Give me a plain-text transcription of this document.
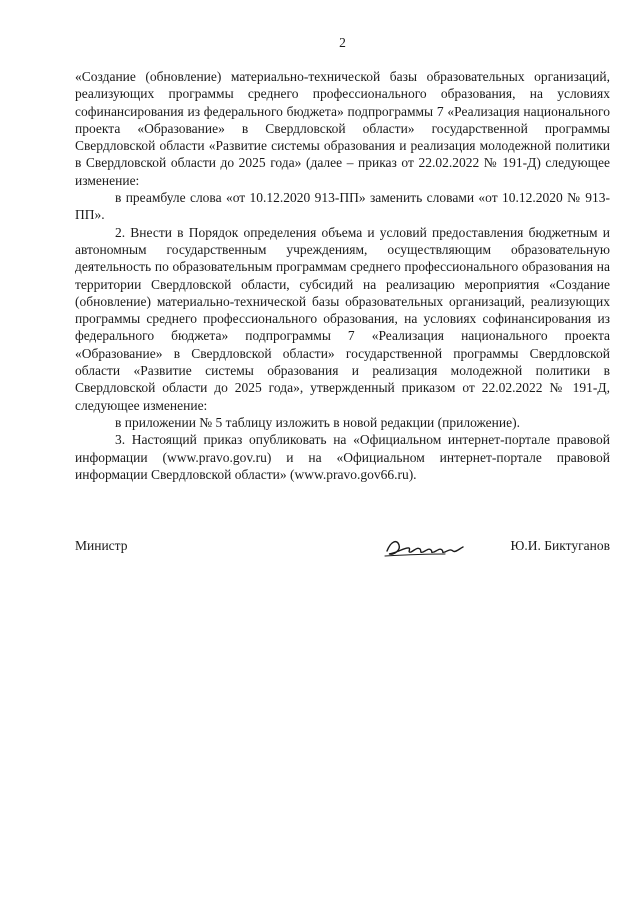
2

«Создание (обновление) материально-технической базы образовательных организаций, реализующих программы среднего профессионального образования, на условиях софинансирования из федерального бюджета» подпрограммы 7 «Реализация национального проекта «Образование» в Свердловской области» государственной программы Свердловской области «Развитие системы образования и реализация молодежной политики в Свердловской области до 2025 года» (далее – приказ от 22.02.2022 № 191-Д) следующее изменение:

в преамбуле слова «от 10.12.2020 913-ПП» заменить словами «от 10.12.2020 № 913-ПП».

2. Внести в Порядок определения объема и условий предоставления бюджетным и автономным государственным учреждениям, осуществляющим образовательную деятельность по образовательным программам среднего профессионального образования на территории Свердловской области, субсидий на реализацию мероприятия «Создание (обновление) материально-технической базы образовательных организаций, реализующих программы среднего профессионального образования, на условиях софинансирования из федерального бюджета» подпрограммы 7 «Реализация национального проекта «Образование» в Свердловской области» государственной программы Свердловской области «Развитие системы образования и реализация молодежной политики в Свердловской области до 2025 года», утвержденный приказом от 22.02.2022 № 191-Д, следующее изменение:

в приложении № 5 таблицу изложить в новой редакции (приложение).

3. Настоящий приказ опубликовать на «Официальном интернет-портале правовой информации (www.pravo.gov.ru) и на «Официальном интернет-портале правовой информации Свердловской области» (www.pravo.gov66.ru).

Министр	Ю.И. Биктуганов
